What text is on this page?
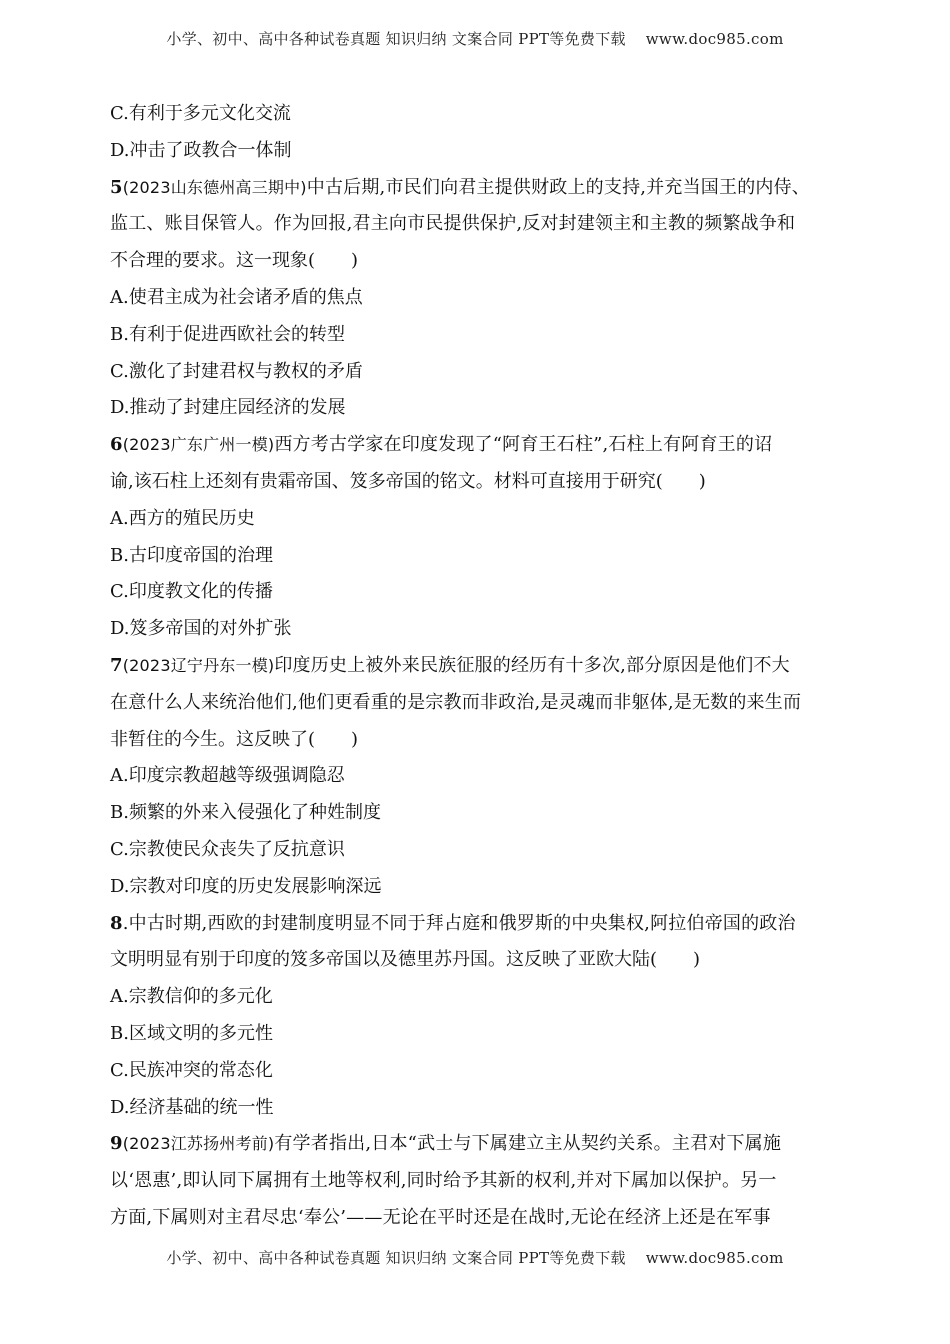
小学、初中、高中各种试卷真题 知识归纳 文案合同 PPT等免费下载 www.doc985.com
C.有利于多元文化交流
D.冲击了政教合一体制
5(2023山东德州高三期中)中古后期,市民们向君主提供财政上的支持,并充当国王的内侍、
监工、账目保管人。作为回报,君主向市民提供保护,反对封建领主和主教的频繁战争和
不合理的要求。这一现象(　　)
A.使君主成为社会诸矛盾的焦点
B.有利于促进西欧社会的转型
C.激化了封建君权与教权的矛盾
D.推动了封建庄园经济的发展
6(2023广东广州一模)西方考古学家在印度发现了“阿育王石柱”,石柱上有阿育王的诏
谕,该石柱上还刻有贵霜帝国、笈多帝国的铭文。材料可直接用于研究(　　)
A.西方的殖民历史
B.古印度帝国的治理
C.印度教文化的传播
D.笈多帝国的对外扩张
7(2023辽宁丹东一模)印度历史上被外来民族征服的经历有十多次,部分原因是他们不大
在意什么人来统治他们,他们更看重的是宗教而非政治,是灵魂而非躯体,是无数的来生而
非暂住的今生。这反映了(　　)
A.印度宗教超越等级强调隐忍
B.频繁的外来入侵强化了种姓制度
C.宗教使民众丧失了反抗意识
D.宗教对印度的历史发展影响深远
8.中古时期,西欧的封建制度明显不同于拜占庭和俄罗斯的中央集权,阿拉伯帝国的政治
文明明显有别于印度的笈多帝国以及德里苏丹国。这反映了亚欧大陆(　　)
A.宗教信仰的多元化
B.区域文明的多元性
C.民族冲突的常态化
D.经济基础的统一性
9(2023江苏扬州考前)有学者指出,日本“武士与下属建立主从契约关系。主君对下属施
以‘恩惠’,即认同下属拥有土地等权利,同时给予其新的权利,并对下属加以保护。另一
方面,下属则对主君尽忠‘奉公’——无论在平时还是在战时,无论在经济上还是在军事
小学、初中、高中各种试卷真题 知识归纳 文案合同 PPT等免费下载 www.doc985.com
